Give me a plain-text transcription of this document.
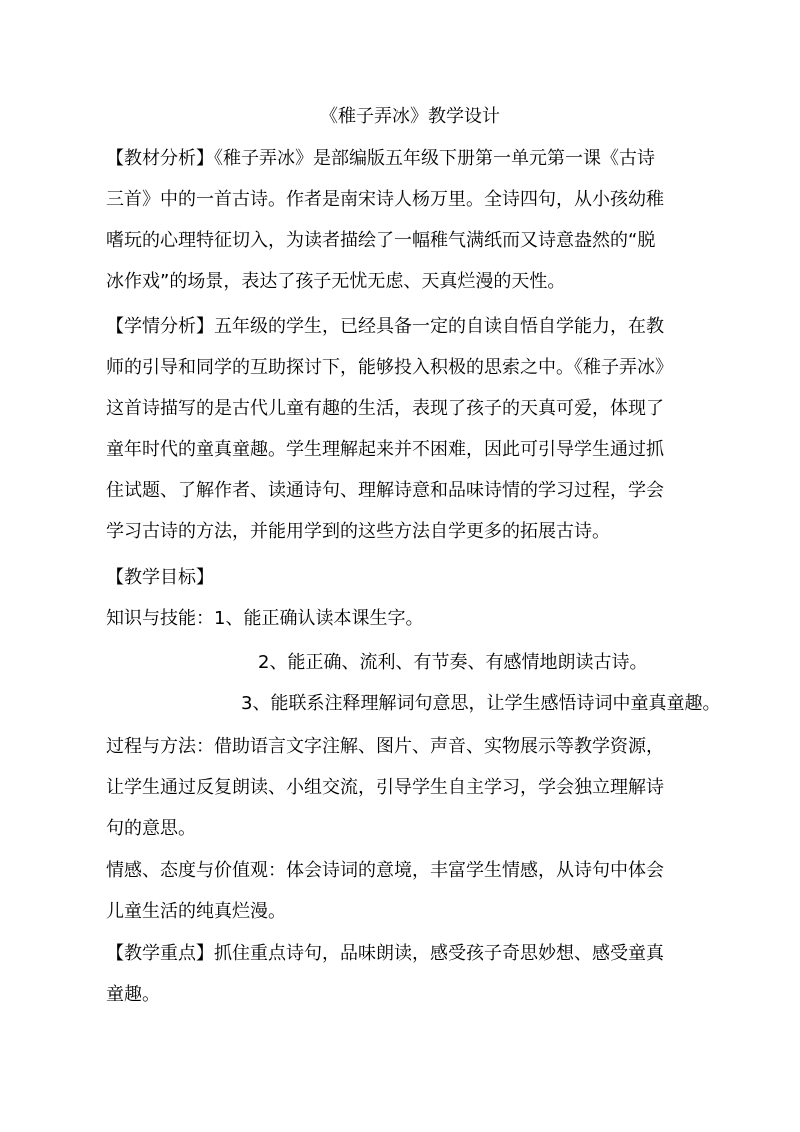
《稚子弄冰》教学设计
【教材分析】《稚子弄冰》是部编版五年级下册第一单元第一课《古诗
三首》中的一首古诗。作者是南宋诗人杨万里。全诗四句，从小孩幼稚
嗜玩的心理特征切入，为读者描绘了一幅稚气满纸而又诗意盎然的“脱
冰作戏”的场景，表达了孩子无忧无虑、天真烂漫的天性。
【学情分析】五年级的学生，已经具备一定的自读自悟自学能力，在教
师的引导和同学的互助探讨下，能够投入积极的思索之中。《稚子弄冰》
这首诗描写的是古代儿童有趣的生活，表现了孩子的天真可爱，体现了
童年时代的童真童趣。学生理解起来并不困难，因此可引导学生通过抓
住试题、了解作者、读通诗句、理解诗意和品味诗情的学习过程，学会
学习古诗的方法，并能用学到的这些方法自学更多的拓展古诗。
【教学目标】
知识与技能：1、能正确认读本课生字。
2、能正确、流利、有节奏、有感情地朗读古诗。
3、能联系注释理解词句意思，让学生感悟诗词中童真童趣。
过程与方法：借助语言文字注解、图片、声音、实物展示等教学资源，
让学生通过反复朗读、小组交流，引导学生自主学习，学会独立理解诗
句的意思。
情感、态度与价值观：体会诗词的意境，丰富学生情感，从诗句中体会
儿童生活的纯真烂漫。
【教学重点】抓住重点诗句，品味朗读，感受孩子奇思妙想、感受童真
童趣。
